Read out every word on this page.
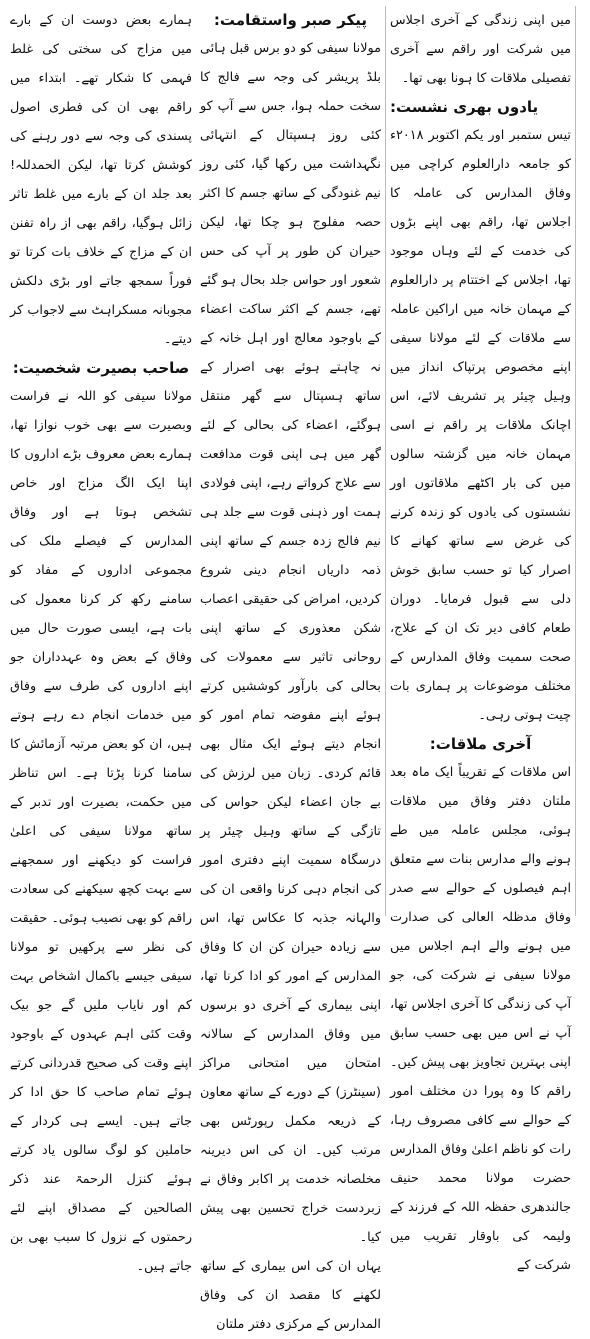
ہمارے بعض دوست ان کے بارے میں مزاج کی سختی کی غلط فہمی کا شکار تھے۔ ابتداء میں راقم بھی ان کی فطری اصول پسندی کی وجہ سے دور رہنے کی کوشش کرتا تھا، لیکن الحمدللہ! بعد جلد ان کے بارے میں غلط تاثر زائل ہوگیا، راقم بھی از راہ تفنن ان کے مزاج کے خلاف بات کرتا تو فوراً سمجھ جاتے اور بڑی دلکش مجوبانہ مسکراہٹ سے لاجواب کر دیتے۔

صاحب بصیرت شخصیت:

مولانا سیفی کو اللہ نے فراست وبصیرت سے بھی خوب نوازا تھا، ہمارے بعض معروف بڑے اداروں کا اپنا ایک الگ مزاج اور خاص تشخص ہوتا ہے اور وفاق المدارس کے فیصلے ملک کی مجموعی اداروں کے مفاد کو سامنے رکھ کر کرنا معمول کی بات ہے، ایسی صورت حال میں وفاق کے بعض وہ عہدداران جو اپنے اداروں کی طرف سے وفاق میں خدمات انجام دے رہے ہوتے ہیں، ان کو بعض مرتبہ آزمائش کا سامنا کرنا پڑتا ہے۔ اس تناظر میں حکمت، بصیرت اور تدبر کے ساتھ مولانا سیفی کی اعلیٰ فراست کو دیکھنے اور سمجھنے سے بہت کچھ سیکھنے کی سعادت راقم کو بھی نصیب ہوئی۔ حقیقت کی نظر سے پرکھیں تو مولانا سیفی جیسے باکمال اشخاص بہت کم اور نایاب ملیں گے جو بیک وقت کئی اہم عہدوں کے باوجود اپنے وقت کی صحیح قدردانی کرتے ہوئے تمام صاحب کا حق ادا کر جاتے ہیں۔ ایسے ہی کردار کے حاملین کو لوگ سالوں یاد کرتے ہوئے کنزل الرحمۃ عند ذکر الصالحین کے مصداق اپنے لئے رحمتوں کے نزول کا سبب بھی بن جاتے ہیں۔

پیکر صبر واستقامت:

مولانا سیفی کو دو برس قبل ہائی بلڈ پریشر کی وجہ سے فالج کا سخت حملہ ہوا، جس سے آپ کو کئی روز ہسپتال کے انتہائی نگہداشت میں رکھا گیا، کئی روز نیم غنودگی کے ساتھ جسم کا اکثر حصہ مفلوج ہو چکا تھا، لیکن حیران کن طور پر آپ کی حس شعور اور حواس جلد بحال ہو گئے تھے، جسم کے اکثر ساکت اعضاء کے باوجود معالج اور اہل خانہ کے نہ چاہتے ہوئے بھی اصرار کے ساتھ ہسپتال سے گھر منتقل ہوگئے، اعضاء کی بحالی کے لئے گھر میں ہی اپنی قوت مدافعت سے علاج کرواتے رہے، اپنی فولادی ہمت اور ذہنی قوت سے جلد ہی نیم فالج زدہ جسم کے ساتھ اپنی ذمہ داریاں انجام دینی شروع کردیں، امراض کی حقیقی اعصاب شکن معذوری کے ساتھ اپنی روحانی تاثیر سے معمولات کی بحالی کی بارآور کوششیں کرتے ہوئے اپنے مفوضہ تمام امور کو انجام دیتے ہوئے ایک مثال بھی قائم کردی۔ زبان میں لرزش کی بے جان اعضاء لیکن حواس کی تازگی کے ساتھ وہیل چیئر پر درسگاہ سمیت اپنے دفتری امور کی انجام دہی کرنا واقعی ان کی والہانہ جذبہ کا عکاس تھا، اس سے زیادہ حیران کن ان کا وفاق المدارس کے امور کو ادا کرنا تھا، اپنی بیماری کے آخری دو برسوں میں وفاق المدارس کے سالانہ امتحان میں امتحانی مراکز (سینٹرز) کے دورے کے ساتھ معاون کے ذریعہ مکمل رپورٹس بھی مرتب کیں۔ ان کی اس دیرینہ مخلصانہ خدمت پر اکابر وفاق نے زبردست خراج تحسین بھی پیش کیا۔

یہاں ان کی اس بیماری کے ساتھ لکھنے کا مقصد ان کی وفاق المدارس کے مرکزی دفتر ملتان

میں اپنی زندگی کے آخری اجلاس میں شرکت اور راقم سے آخری تفصیلی ملاقات کا ہونا بھی تھا۔

یادوں بھری نشست:

تیس ستمبر اور یکم اکتوبر ۲۰۱۸ء کو جامعہ دارالعلوم کراچی میں وفاق المدارس کی عاملہ کا اجلاس تھا، راقم بھی اپنے بڑوں کی خدمت کے لئے وہاں موجود تھا، اجلاس کے اختتام پر دارالعلوم کے مہمان خانہ میں اراکین عاملہ سے ملاقات کے لئے مولانا سیفی اپنے مخصوص پرتپاک انداز میں وہیل چیئر پر تشریف لائے، اس اچانک ملاقات پر راقم نے اسی مہمان خانہ میں گزشتہ سالوں میں کی بار اکٹھے ملاقاتوں اور نشستوں کی یادوں کو زندہ کرنے کی غرض سے ساتھ کھانے کا اصرار کیا تو حسب سابق خوش دلی سے قبول فرمایا۔ دوران طعام کافی دیر تک ان کے علاج، صحت سمیت وفاق المدارس کے مختلف موضوعات پر ہماری بات چیت ہوتی رہی۔

آخری ملاقات:

اس ملاقات کے تقریباً ایک ماہ بعد ملتان دفتر وفاق میں ملاقات ہوئی، مجلس عاملہ میں طے ہونے والے مدارس بنات سے متعلق اہم فیصلوں کے حوالے سے صدر وفاق مدظلہ العالی کی صدارت میں ہونے والے اہم اجلاس میں مولانا سیفی نے شرکت کی، جو آپ کی زندگی کا آخری اجلاس تھا، آپ نے اس میں بھی حسب سابق اپنی بہترین تجاویز بھی پیش کیں۔ راقم کا وہ پورا دن مختلف امور کے حوالے سے کافی مصروف رہا، رات کو ناظم اعلیٰ وفاق المدارس حضرت مولانا محمد حنیف جالندھری حفظہ اللہ کے فرزند کے ولیمہ کی باوقار تقریب میں شرکت کے
